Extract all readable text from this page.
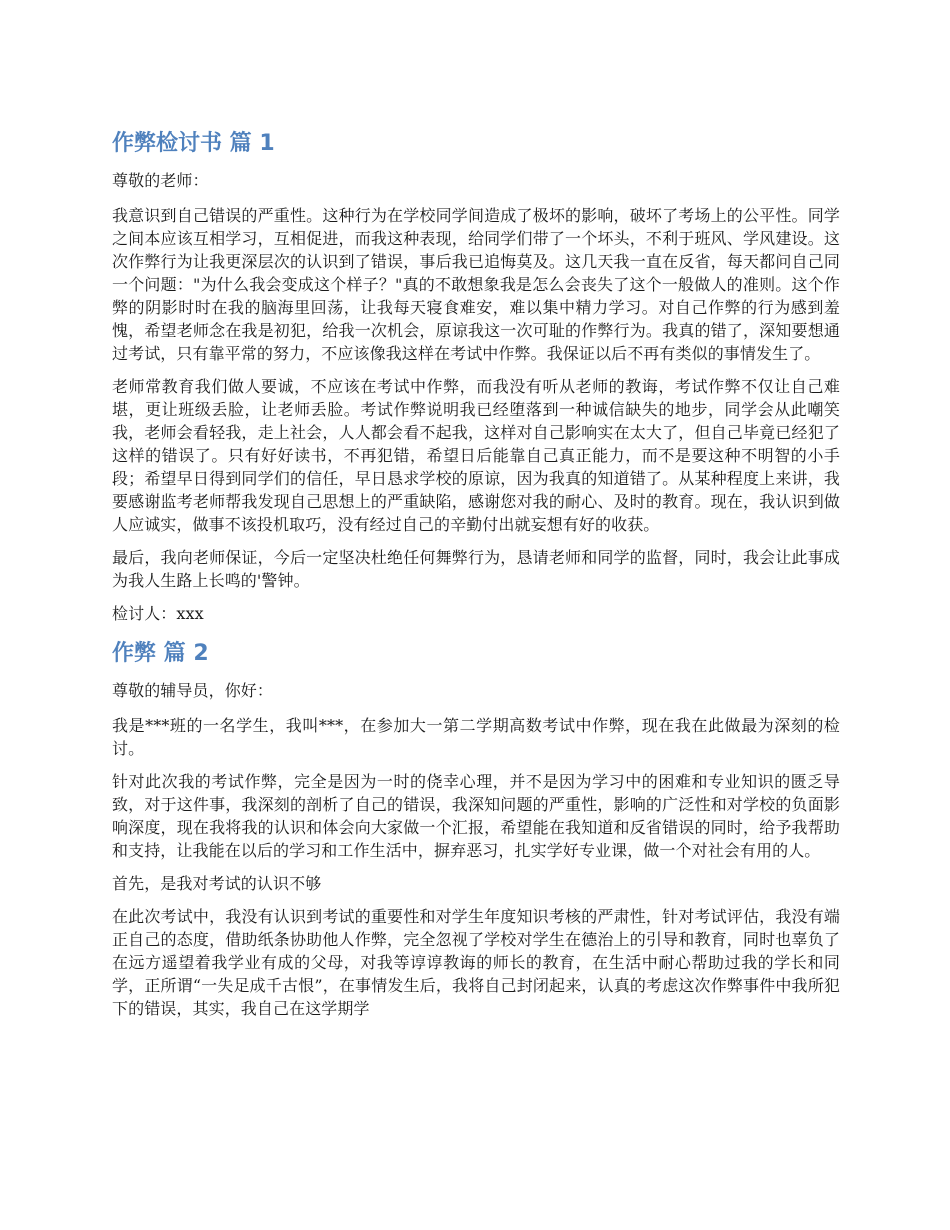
作弊检讨书 篇 1

尊敬的老师：

我意识到自己错误的严重性。这种行为在学校同学间造成了极坏的影响，破坏了考场上的公平性。同学之间本应该互相学习，互相促进，而我这种表现，给同学们带了一个坏头，不利于班风、学风建设。这次作弊行为让我更深层次的认识到了错误，事后我已追悔莫及。这几天我一直在反省，每天都问自己同一个问题："为什么我会变成这个样子？"真的不敢想象我是怎么会丧失了这个一般做人的准则。这个作弊的阴影时时在我的脑海里回荡，让我每天寝食难安，难以集中精力学习。对自己作弊的行为感到羞愧，希望老师念在我是初犯，给我一次机会，原谅我这一次可耻的作弊行为。我真的错了，深知要想通过考试，只有靠平常的努力，不应该像我这样在考试中作弊。我保证以后不再有类似的事情发生了。

老师常教育我们做人要诚，不应该在考试中作弊，而我没有听从老师的教诲，考试作弊不仅让自己难堪，更让班级丢脸，让老师丢脸。考试作弊说明我已经堕落到一种诚信缺失的地步，同学会从此嘲笑我，老师会看轻我，走上社会，人人都会看不起我，这样对自己影响实在太大了，但自己毕竟已经犯了这样的错误了。只有好好读书，不再犯错，希望日后能靠自己真正能力，而不是要这种不明智的小手段；希望早日得到同学们的信任，早日恳求学校的原谅，因为我真的知道错了。从某种程度上来讲，我要感谢监考老师帮我发现自己思想上的严重缺陷，感谢您对我的耐心、及时的教育。现在，我认识到做人应诚实，做事不该投机取巧，没有经过自己的辛勤付出就妄想有好的收获。

最后，我向老师保证，今后一定坚决杜绝任何舞弊行为，恳请老师和同学的监督，同时，我会让此事成为我人生路上长鸣的'警钟。

检讨人：xxx

作弊 篇 2

尊敬的辅导员，你好：

我是***班的一名学生，我叫***，在参加大一第二学期高数考试中作弊，现在我在此做最为深刻的检讨。

针对此次我的考试作弊，完全是因为一时的侥幸心理，并不是因为学习中的困难和专业知识的匮乏导致，对于这件事，我深刻的剖析了自己的错误，我深知问题的严重性，影响的广泛性和对学校的负面影响深度，现在我将我的认识和体会向大家做一个汇报，希望能在我知道和反省错误的同时，给予我帮助和支持，让我能在以后的学习和工作生活中，摒弃恶习，扎实学好专业课，做一个对社会有用的人。

首先，是我对考试的认识不够

在此次考试中，我没有认识到考试的重要性和对学生年度知识考核的严肃性，针对考试评估，我没有端正自己的态度，借助纸条协助他人作弊，完全忽视了学校对学生在德治上的引导和教育，同时也辜负了在远方遥望着我学业有成的父母，对我等谆谆教诲的师长的教育，在生活中耐心帮助过我的学长和同学，正所谓“一失足成千古恨”，在事情发生后，我将自己封闭起来，认真的考虑这次作弊事件中我所犯下的错误，其实，我自己在这学期学
